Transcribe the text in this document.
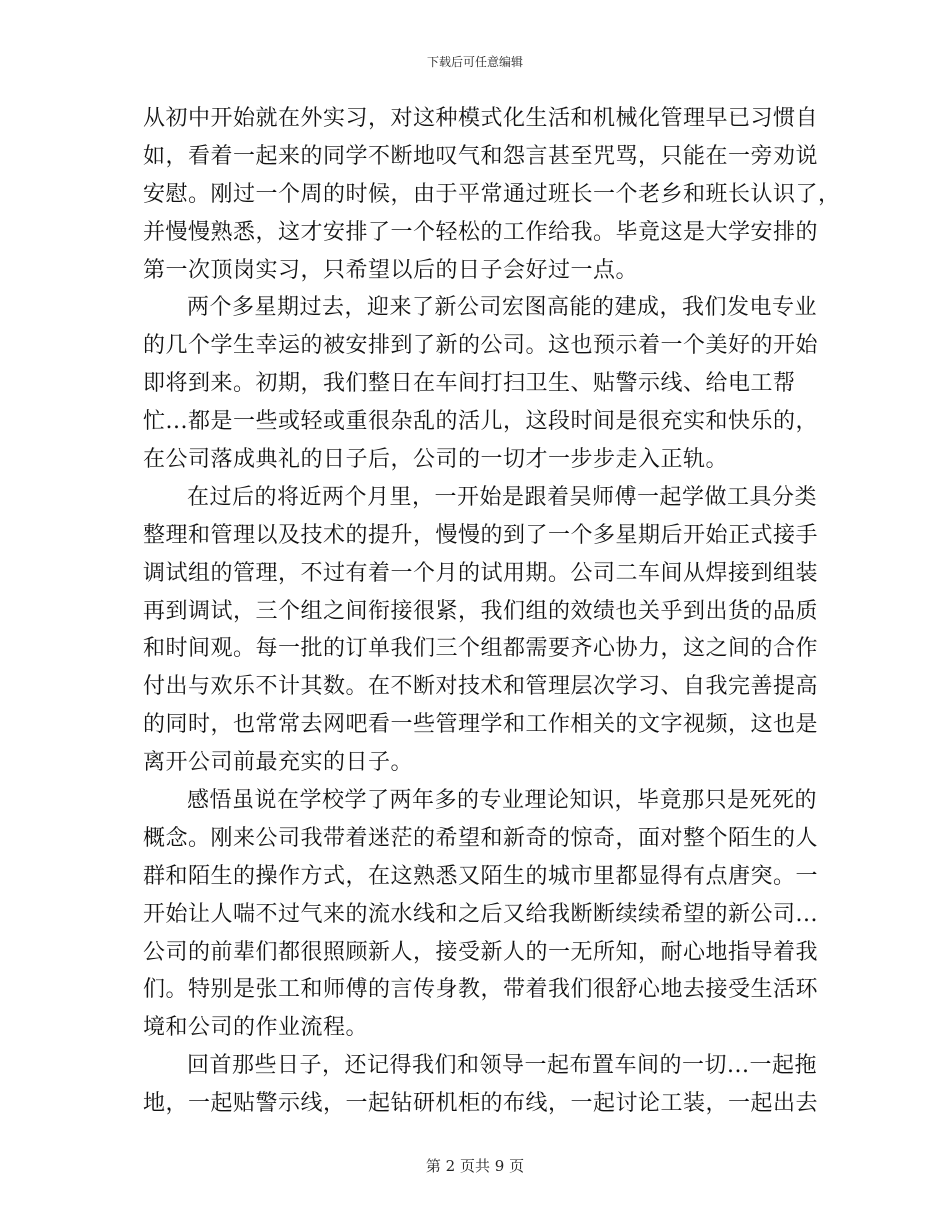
下载后可任意编辑
从初中开始就在外实习，对这种模式化生活和机械化管理早已习惯自
如，看着一起来的同学不断地叹气和怨言甚至咒骂，只能在一旁劝说
安慰。刚过一个周的时候，由于平常通过班长一个老乡和班长认识了，
并慢慢熟悉，这才安排了一个轻松的工作给我。毕竟这是大学安排的
第一次顶岗实习，只希望以后的日子会好过一点。
两个多星期过去，迎来了新公司宏图高能的建成，我们发电专业
的几个学生幸运的被安排到了新的公司。这也预示着一个美好的开始
即将到来。初期，我们整日在车间打扫卫生、贴警示线、给电工帮
忙...都是一些或轻或重很杂乱的活儿，这段时间是很充实和快乐的，
在公司落成典礼的日子后，公司的一切才一步步走入正轨。
在过后的将近两个月里，一开始是跟着吴师傅一起学做工具分类
整理和管理以及技术的提升，慢慢的到了一个多星期后开始正式接手
调试组的管理，不过有着一个月的试用期。公司二车间从焊接到组装
再到调试，三个组之间衔接很紧，我们组的效绩也关乎到出货的品质
和时间观。每一批的订单我们三个组都需要齐心协力，这之间的合作
付出与欢乐不计其数。在不断对技术和管理层次学习、自我完善提高
的同时，也常常去网吧看一些管理学和工作相关的文字视频，这也是
离开公司前最充实的日子。
感悟虽说在学校学了两年多的专业理论知识，毕竟那只是死死的
概念。刚来公司我带着迷茫的希望和新奇的惊奇，面对整个陌生的人
群和陌生的操作方式，在这熟悉又陌生的城市里都显得有点唐突。一
开始让人喘不过气来的流水线和之后又给我断断续续希望的新公司...
公司的前辈们都很照顾新人，接受新人的一无所知，耐心地指导着我
们。特别是张工和师傅的言传身教，带着我们很舒心地去接受生活环
境和公司的作业流程。
回首那些日子，还记得我们和领导一起布置车间的一切...一起拖
地，一起贴警示线，一起钻研机柜的布线，一起讨论工装，一起出去
第 2 页共 9 页
